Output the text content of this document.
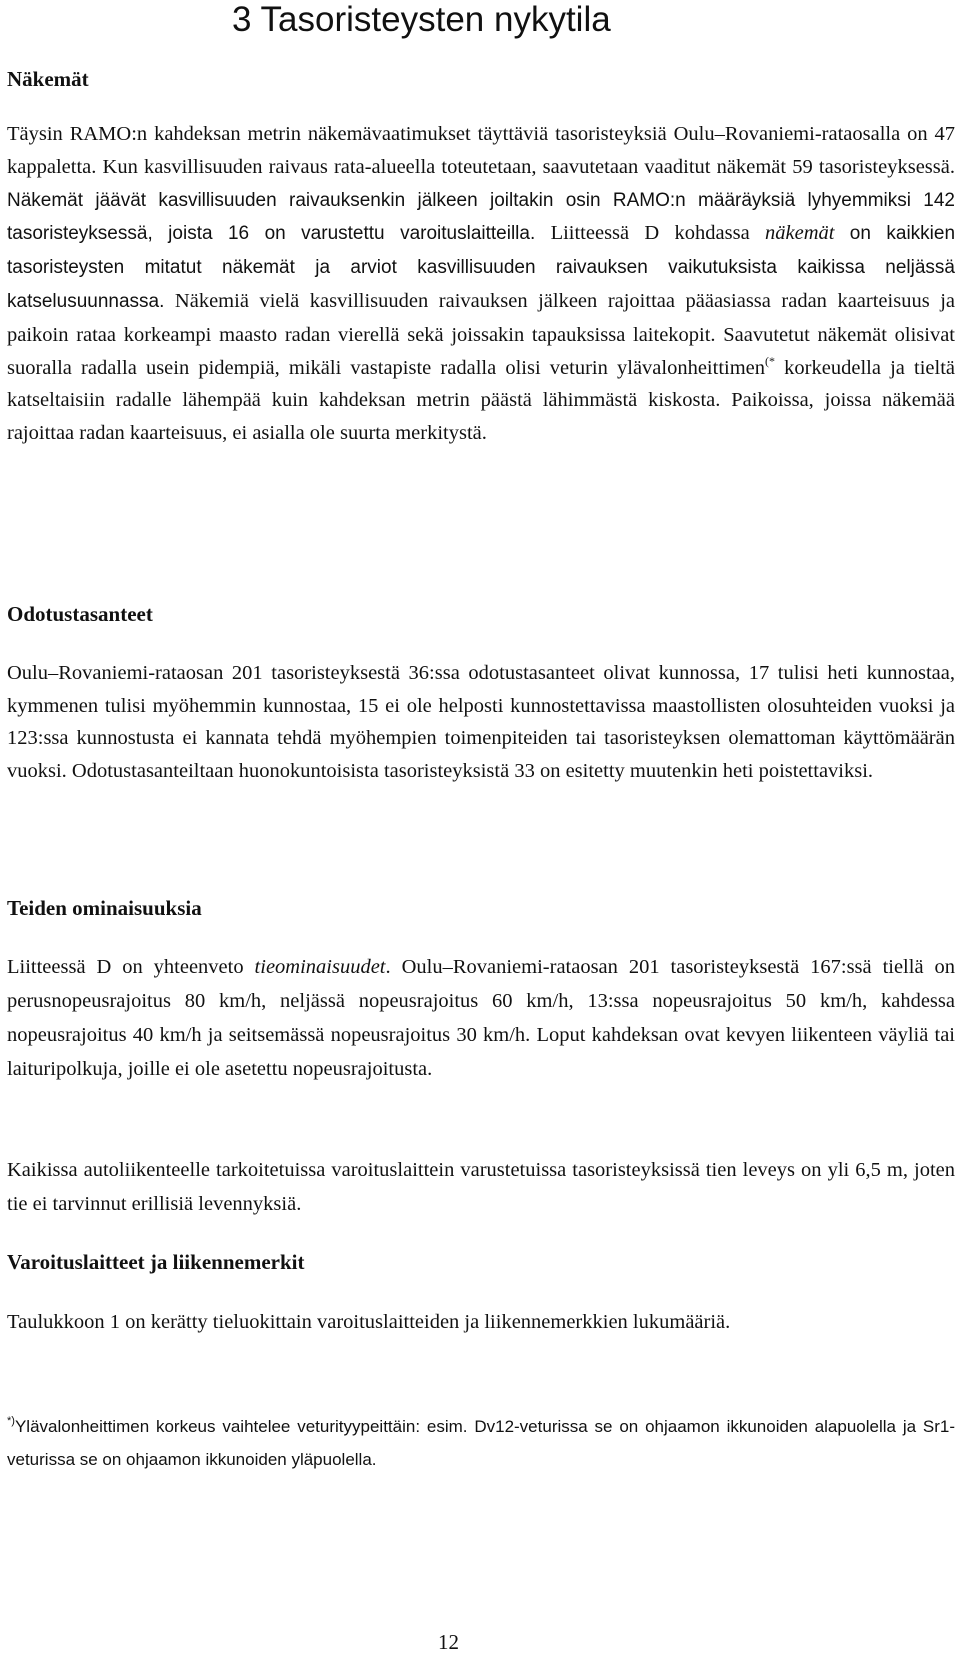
3 Tasoristeysten nykytila
Näkemät

Täysin RAMO:n kahdeksan metrin näkemävaatimukset täyttäviä tasoristeyksiä Oulu–Rovaniemi-rataosalla on 47 kappaletta. Kun kasvillisuuden raivaus rata-alueella toteutetaan, saavutetaan vaaditut näkemät 59 tasoristeyksessä. Näkemät jäävät kasvillisuuden raivauksenkin jälkeen joiltakin osin RAMO:n määräyksiä lyhyemmiksi 142 tasoristeyksessä, joista 16 on varustettu varoituslaitteilla. Liitteessä D kohdassa näkemät on kaikkien tasoristeysten mitatut näkemät ja arviot kasvillisuuden raivauksen vaikutuksista kaikissa neljässä katselusuunnassa. Näkemiä vielä kasvillisuuden raivauksen jälkeen rajoittaa pääasiassa radan kaarteisuus ja paikoin rataa korkeampi maasto radan vierellä sekä joissakin tapauksissa laitekopit. Saavutetut näkemät olisivat suoralla radalla usein pidempiä, mikäli vastapiste radalla olisi veturin ylävalonheittimen(* korkeudella ja tieltä katseltaisiin radalle lähempää kuin kahdeksan metrin päästä lähimmästä kiskosta. Paikoissa, joissa näkemää rajoittaa radan kaarteisuus, ei asialla ole suurta merkitystä.

Odotustasanteet

Oulu–Rovaniemi-rataosan 201 tasoristeyksestä 36:ssa odotustasanteet olivat kunnossa, 17 tulisi heti kunnostaa, kymmenen tulisi myöhemmin kunnostaa, 15 ei ole helposti kunnostettavissa maastollisten olosuhteiden vuoksi ja 123:ssa kunnostusta ei kannata tehdä myöhempien toimenpiteiden tai tasoristeyksen olemattoman käyttömäärän vuoksi. Odotustasanteiltaan huonokuntoisista tasoristeyksistä 33 on esitetty muutenkin heti poistettaviksi.

Teiden ominaisuuksia

Liitteessä D on yhteenveto tieominaisuudet. Oulu–Rovaniemi-rataosan 201 tasoristeyksestä 167:ssä tiellä on perusnopeusrajoitus 80 km/h, neljässä nopeusrajoitus 60 km/h, 13:ssa nopeusrajoitus 50 km/h, kahdessa nopeusrajoitus 40 km/h ja seitsemässä nopeusrajoitus 30 km/h. Loput kahdeksan ovat kevyen liikenteen väyliä tai laituripolkuja, joille ei ole asetettu nopeusrajoitusta.

Kaikissa autoliikenteelle tarkoitetuissa varoituslaittein varustetuissa tasoristeyksissä tien leveys on yli 6,5 m, joten tie ei tarvinnut erillisiä levennyksiä.

Varoituslaitteet ja liikennemerkit

Taulukkoon 1 on kerätty tieluokittain varoituslaitteiden ja liikennemerkkien lukumääriä.

*)Ylävalonheittimen korkeus vaihtelee veturityypeittäin: esim. Dv12-veturissa se on ohjaamon ikkunoiden alapuolella ja Sr1-veturissa se on ohjaamon ikkunoiden yläpuolella.

12
